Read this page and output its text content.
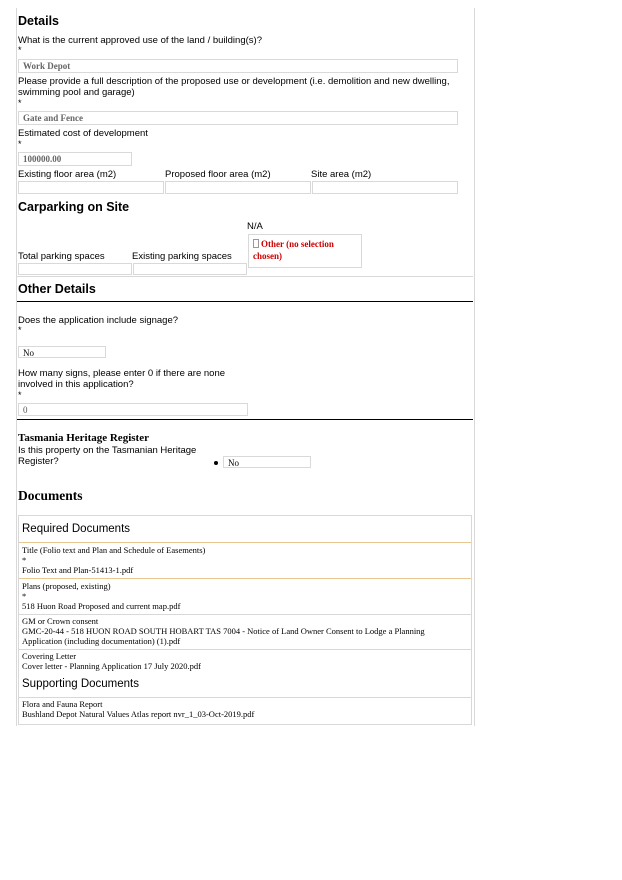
Details
What is the current approved use of the land / building(s)?
*
Work Depot
Please provide a full description of the proposed use or development (i.e. demolition and new dwelling, swimming pool and garage)
*
Gate and Fence
Estimated cost of development
*
100000.00
Existing floor area (m2)	Proposed floor area (m2)	Site area (m2)
Carparking on Site
N/A
Other (no selection chosen)
Total parking spaces	Existing parking spaces
Other Details
Does the application include signage?
*
No
How many signs, please enter 0 if there are none involved in this application?
*
0
Tasmania Heritage Register
Is this property on the Tasmanian Heritage Register?	No
Documents
Required Documents
Title (Folio text and Plan and Schedule of Easements)
*
Folio Text and Plan-51413-1.pdf
Plans (proposed, existing)
*
518 Huon Road Proposed and current map.pdf
GM or Crown consent
GMC-20-44 - 518 HUON ROAD SOUTH HOBART TAS 7004 - Notice of Land Owner Consent to Lodge a Planning Application (including documentation) (1).pdf
Covering Letter
Cover letter - Planning Application 17 July 2020.pdf
Supporting Documents
Flora and Fauna Report
Bushland Depot Natural Values Atlas report nvr_1_03-Oct-2019.pdf
